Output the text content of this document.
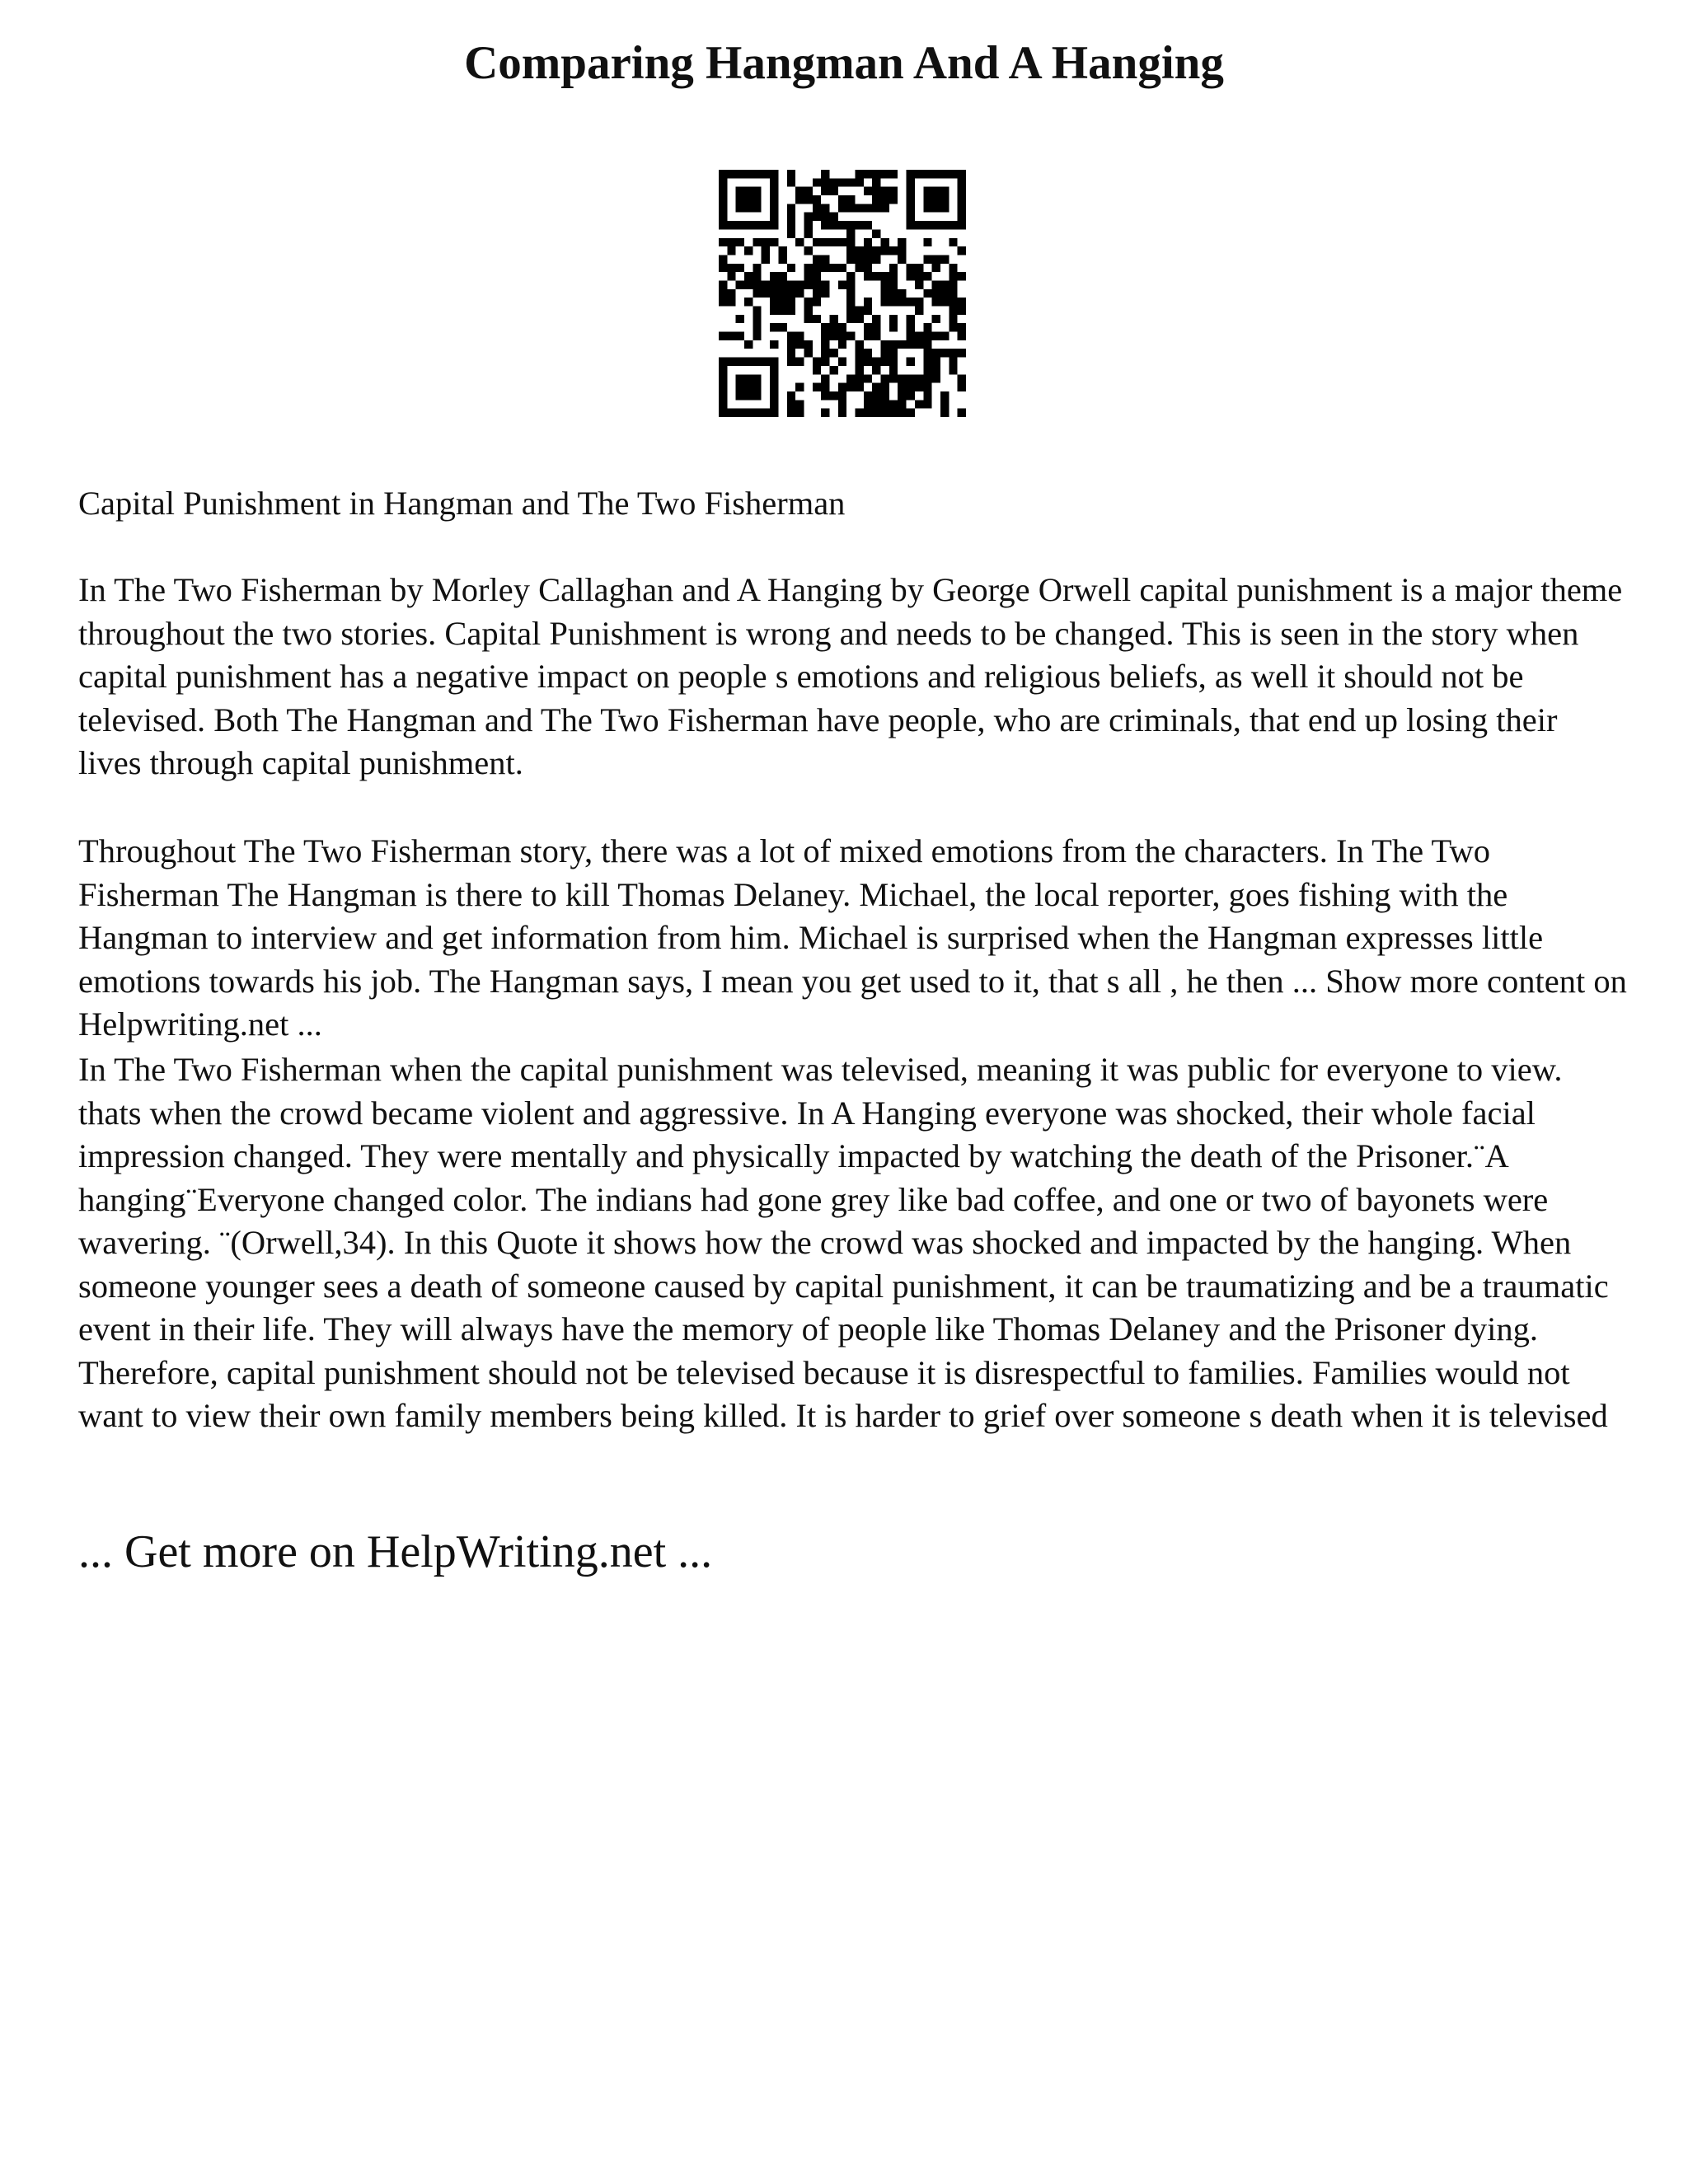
Comparing Hangman And A Hanging

Capital Punishment in Hangman and The Two Fisherman

In The Two Fisherman by Morley Callaghan and A Hanging by George Orwell capital punishment is a major theme throughout the two stories. Capital Punishment is wrong and needs to be changed. This is seen in the story when capital punishment has a negative impact on people s emotions and religious beliefs, as well it should not be televised. Both The Hangman and The Two Fisherman have people, who are criminals, that end up losing their lives through capital punishment.

Throughout The Two Fisherman story, there was a lot of mixed emotions from the characters. In The Two Fisherman The Hangman is there to kill Thomas Delaney. Michael, the local reporter, goes fishing with the Hangman to interview and get information from him. Michael is surprised when the Hangman expresses little emotions towards his job. The Hangman says, I mean you get used to it, that s all , he then ... Show more content on Helpwriting.net ...

In The Two Fisherman when the capital punishment was televised, meaning it was public for everyone to view. thats when the crowd became violent and aggressive. In A Hanging everyone was shocked, their whole facial impression changed. They were mentally and physically impacted by watching the death of the Prisoner.¨A hanging¨Everyone changed color. The indians had gone grey like bad coffee, and one or two of bayonets were wavering. ¨(Orwell,34). In this Quote it shows how the crowd was shocked and impacted by the hanging. When someone younger sees a death of someone caused by capital punishment, it can be traumatizing and be a traumatic event in their life. They will always have the memory of people like Thomas Delaney and the Prisoner dying. Therefore, capital punishment should not be televised because it is disrespectful to families. Families would not want to view their own family members being killed. It is harder to grief over someone s death when it is televised

... Get more on HelpWriting.net ...
